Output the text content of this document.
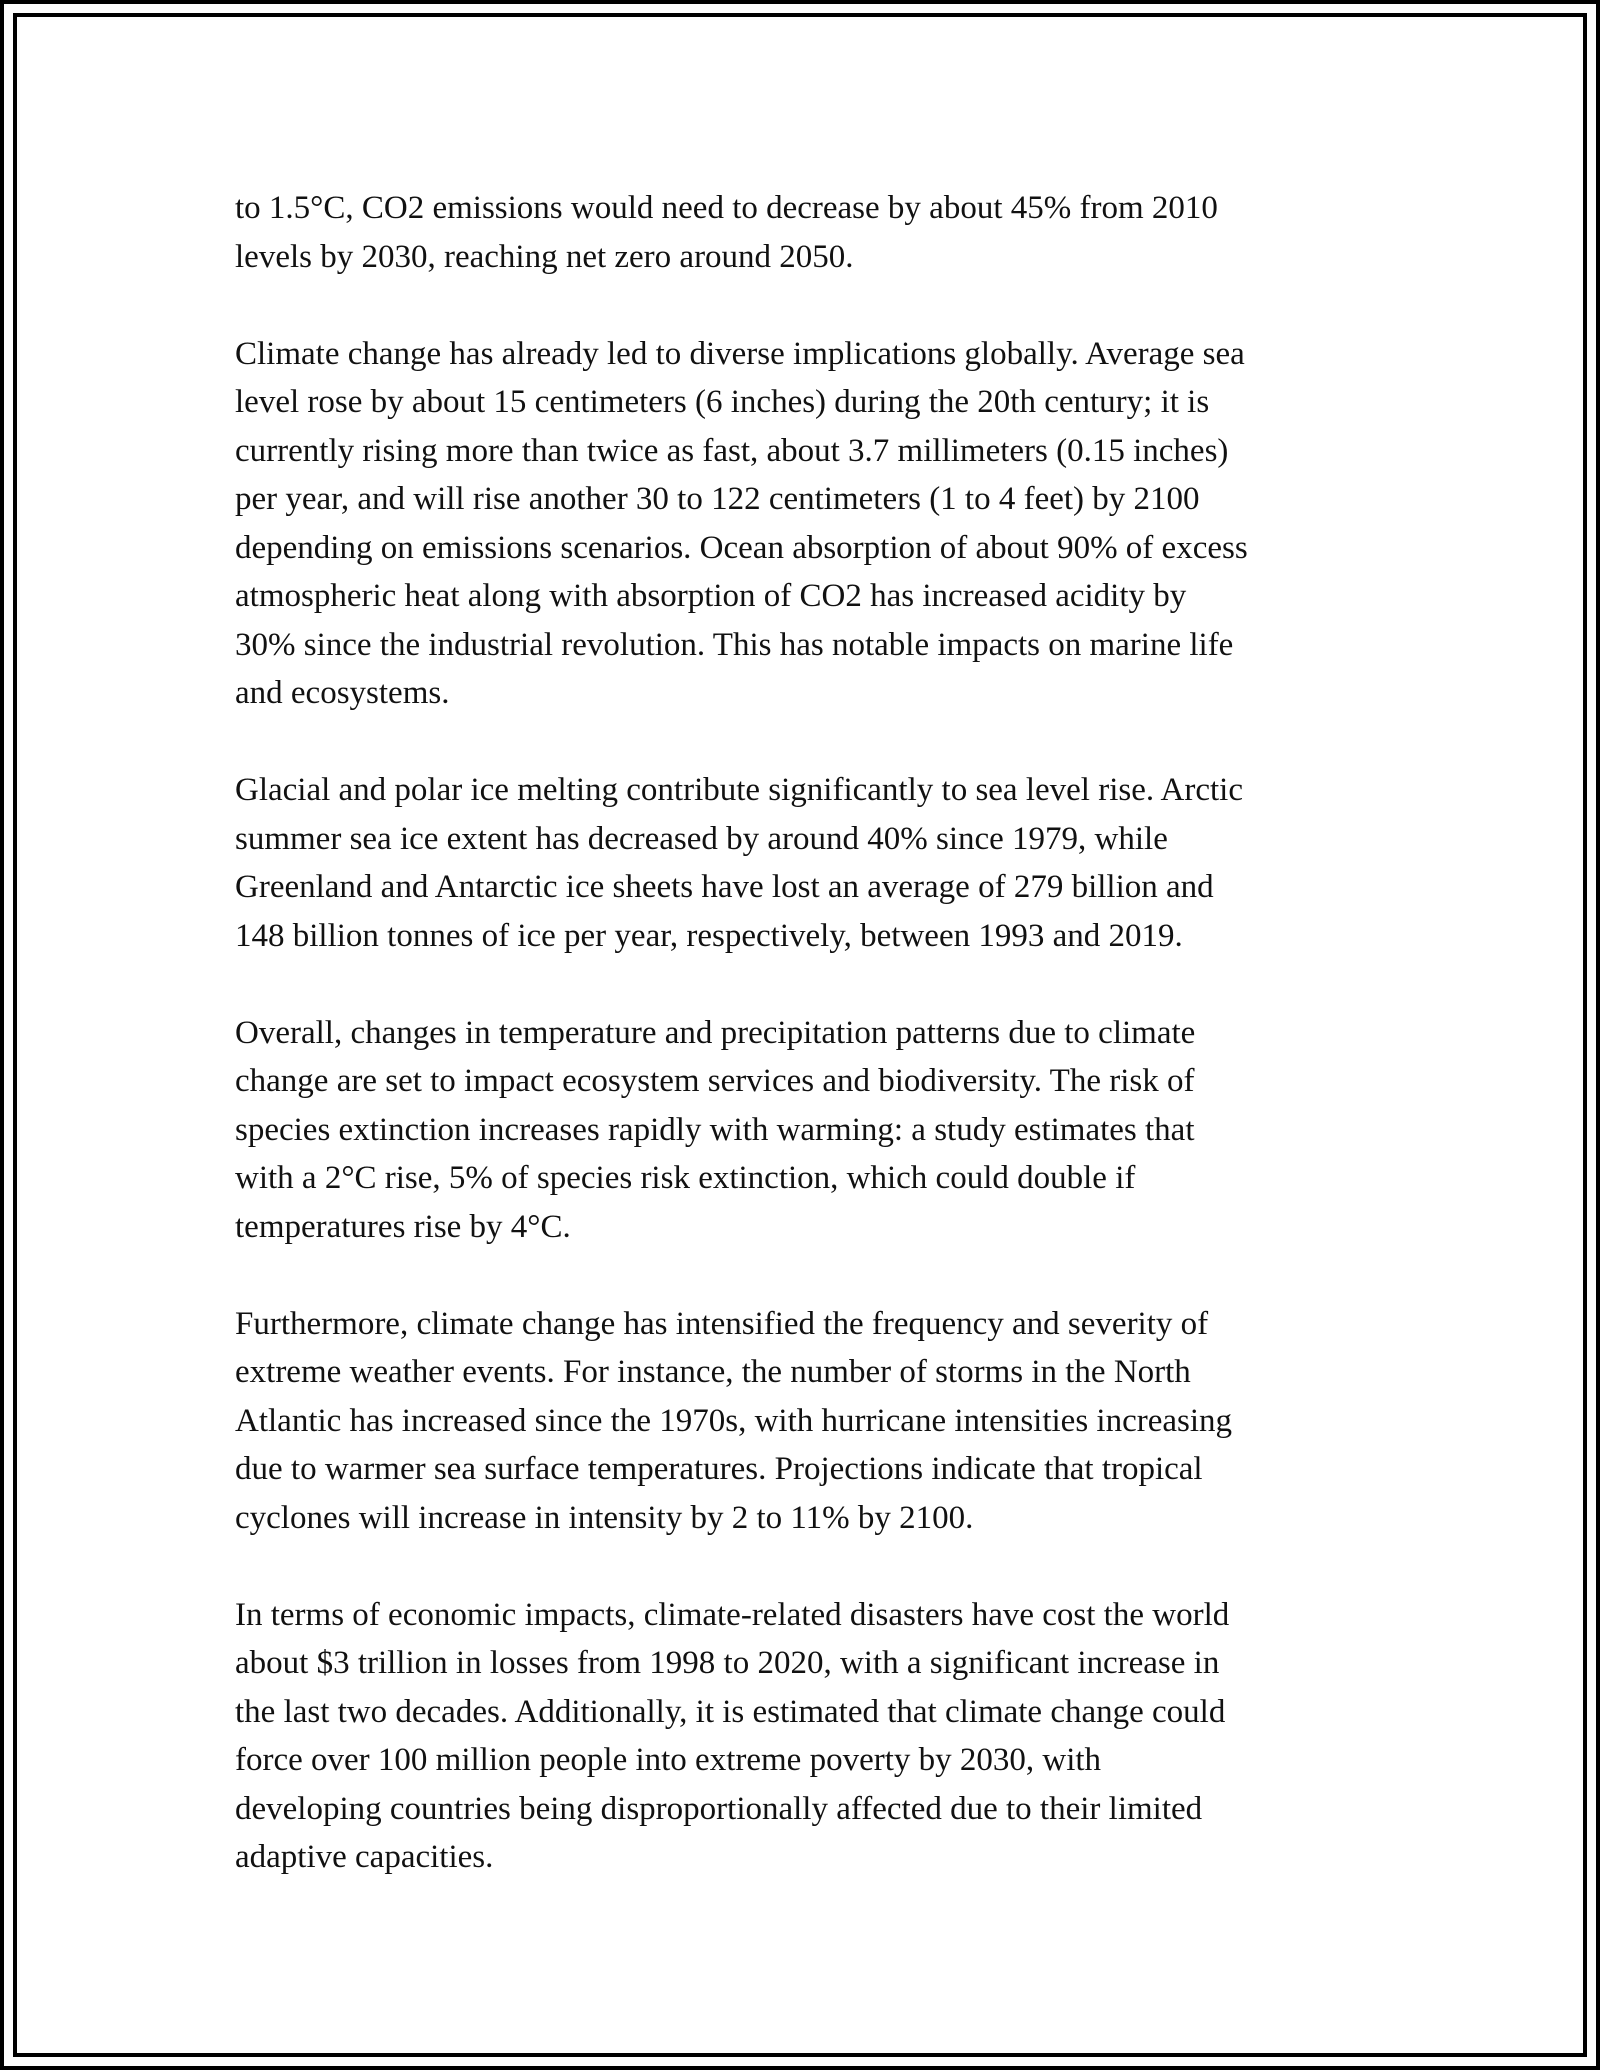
to 1.5°C, CO2 emissions would need to decrease by about 45% from 2010
levels by 2030, reaching net zero around 2050.

Climate change has already led to diverse implications globally. Average sea
level rose by about 15 centimeters (6 inches) during the 20th century; it is
currently rising more than twice as fast, about 3.7 millimeters (0.15 inches)
per year, and will rise another 30 to 122 centimeters (1 to 4 feet) by 2100
depending on emissions scenarios. Ocean absorption of about 90% of excess
atmospheric heat along with absorption of CO2 has increased acidity by
30% since the industrial revolution. This has notable impacts on marine life
and ecosystems.

Glacial and polar ice melting contribute significantly to sea level rise. Arctic
summer sea ice extent has decreased by around 40% since 1979, while
Greenland and Antarctic ice sheets have lost an average of 279 billion and
148 billion tonnes of ice per year, respectively, between 1993 and 2019.

Overall, changes in temperature and precipitation patterns due to climate
change are set to impact ecosystem services and biodiversity. The risk of
species extinction increases rapidly with warming: a study estimates that
with a 2°C rise, 5% of species risk extinction, which could double if
temperatures rise by 4°C.

Furthermore, climate change has intensified the frequency and severity of
extreme weather events. For instance, the number of storms in the North
Atlantic has increased since the 1970s, with hurricane intensities increasing
due to warmer sea surface temperatures. Projections indicate that tropical
cyclones will increase in intensity by 2 to 11% by 2100.

In terms of economic impacts, climate-related disasters have cost the world
about $3 trillion in losses from 1998 to 2020, with a significant increase in
the last two decades. Additionally, it is estimated that climate change could
force over 100 million people into extreme poverty by 2030, with
developing countries being disproportionally affected due to their limited
adaptive capacities.
